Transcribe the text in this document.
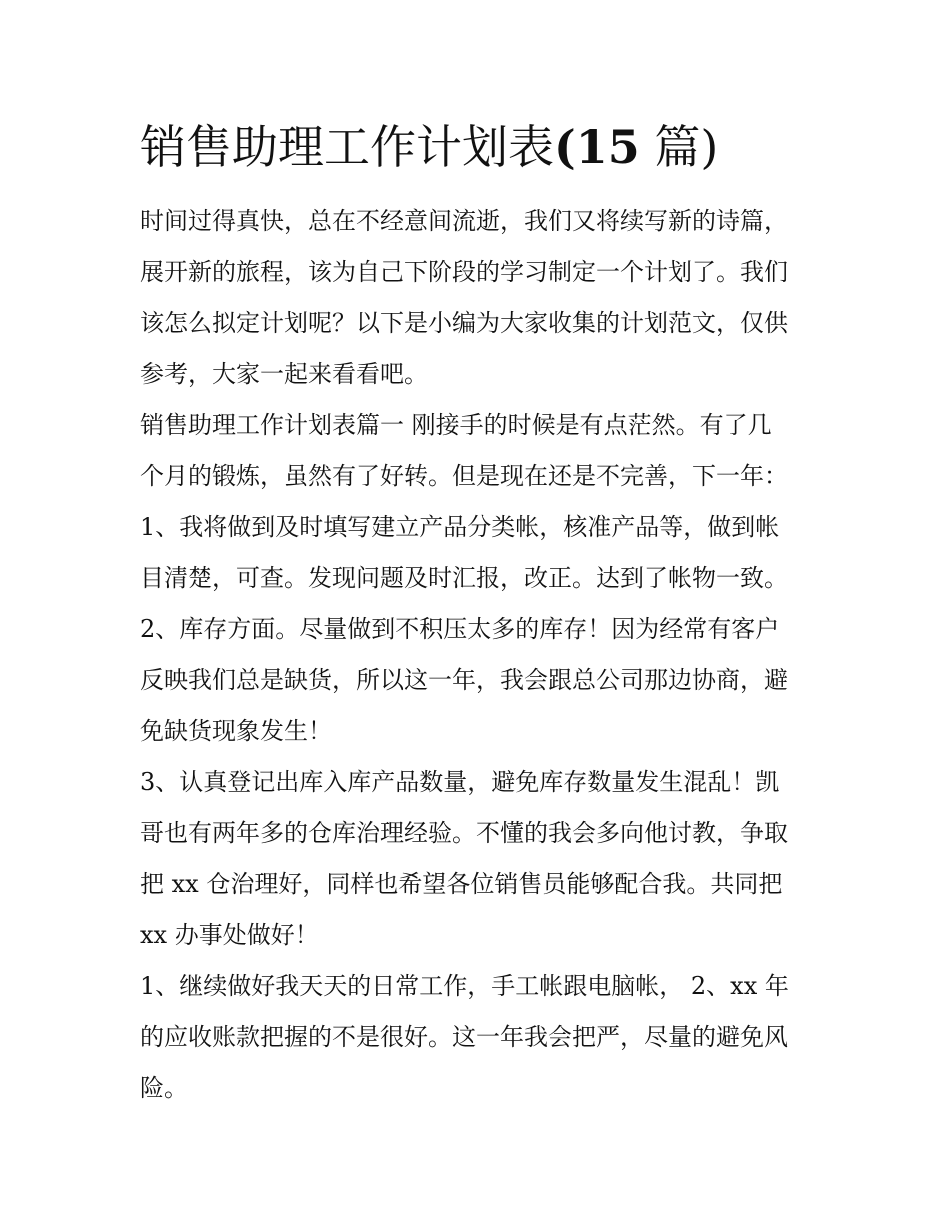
销售助理工作计划表(15 篇)

时间过得真快，总在不经意间流逝，我们又将续写新的诗篇，
展开新的旅程，该为自己下阶段的学习制定一个计划了。我们
该怎么拟定计划呢？以下是小编为大家收集的计划范文，仅供
参考，大家一起来看看吧。

销售助理工作计划表篇一 刚接手的时候是有点茫然。有了几
个月的锻炼，虽然有了好转。但是现在还是不完善，下一年：
1、我将做到及时填写建立产品分类帐，核准产品等，做到帐
目清楚，可查。发现问题及时汇报，改正。达到了帐物一致。
2、库存方面。尽量做到不积压太多的库存！因为经常有客户
反映我们总是缺货，所以这一年，我会跟总公司那边协商，避
免缺货现象发生！

3、认真登记出库入库产品数量，避免库存数量发生混乱！凯
哥也有两年多的仓库治理经验。不懂的我会多向他讨教，争取
把 xx 仓治理好，同样也希望各位销售员能够配合我。共同把
xx 办事处做好！

1、继续做好我天天的日常工作，手工帐跟电脑帐， 2、xx 年
的应收账款把握的不是很好。这一年我会把严，尽量的避免风
险。
